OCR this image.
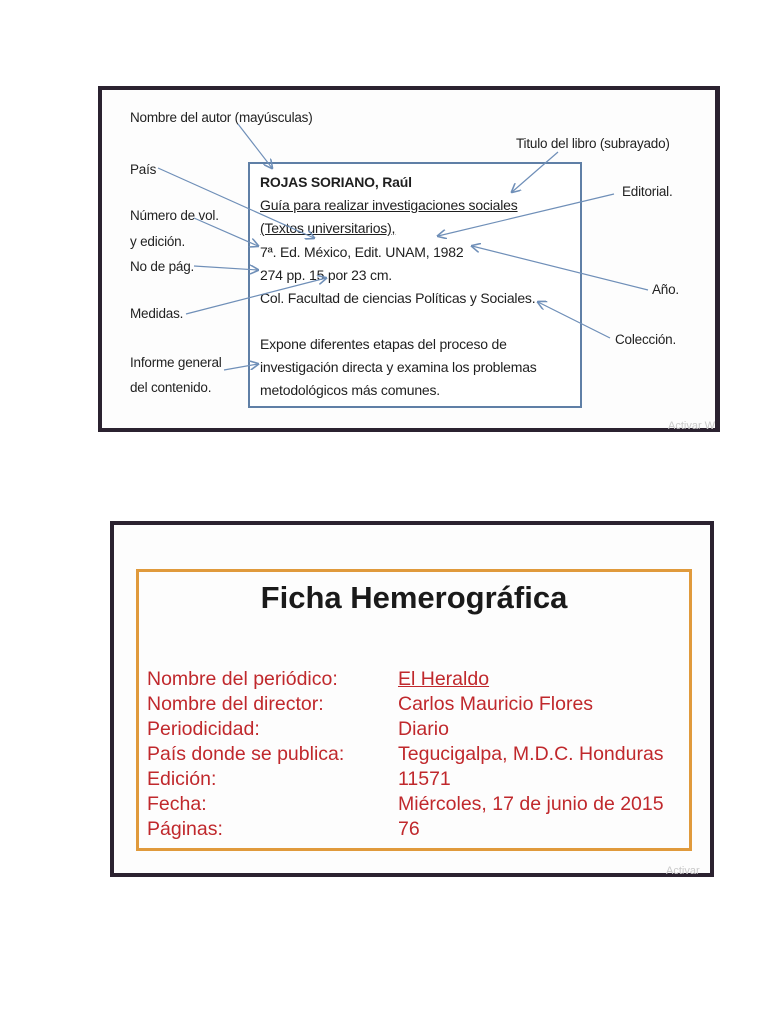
Nombre del autor (mayúsculas)
País
Número de vol.
y edición.
No de pág.
Medidas.
Informe general
del contenido.
Titulo del libro (subrayado)
Editorial.
Año.
Colección.
ROJAS SORIANO, Raúl
Guía para realizar investigaciones sociales
(Textos universitarios),
7ª. Ed. México, Edit. UNAM, 1982
274 pp. 15 por 23 cm.
Col. Facultad de ciencias Políticas y Sociales.
Expone diferentes etapas del proceso de
investigación directa y examina los problemas
metodológicos más comunes.
Activar W
Ficha Hemerográfica
Nombre del periódico:	El Heraldo
Nombre del director:	Carlos Mauricio Flores
Periodicidad:	Diario
País donde se publica:	Tegucigalpa, M.D.C. Honduras
Edición:	11571
Fecha:	Miércoles, 17 de junio de 2015
Páginas:	76
Activar
